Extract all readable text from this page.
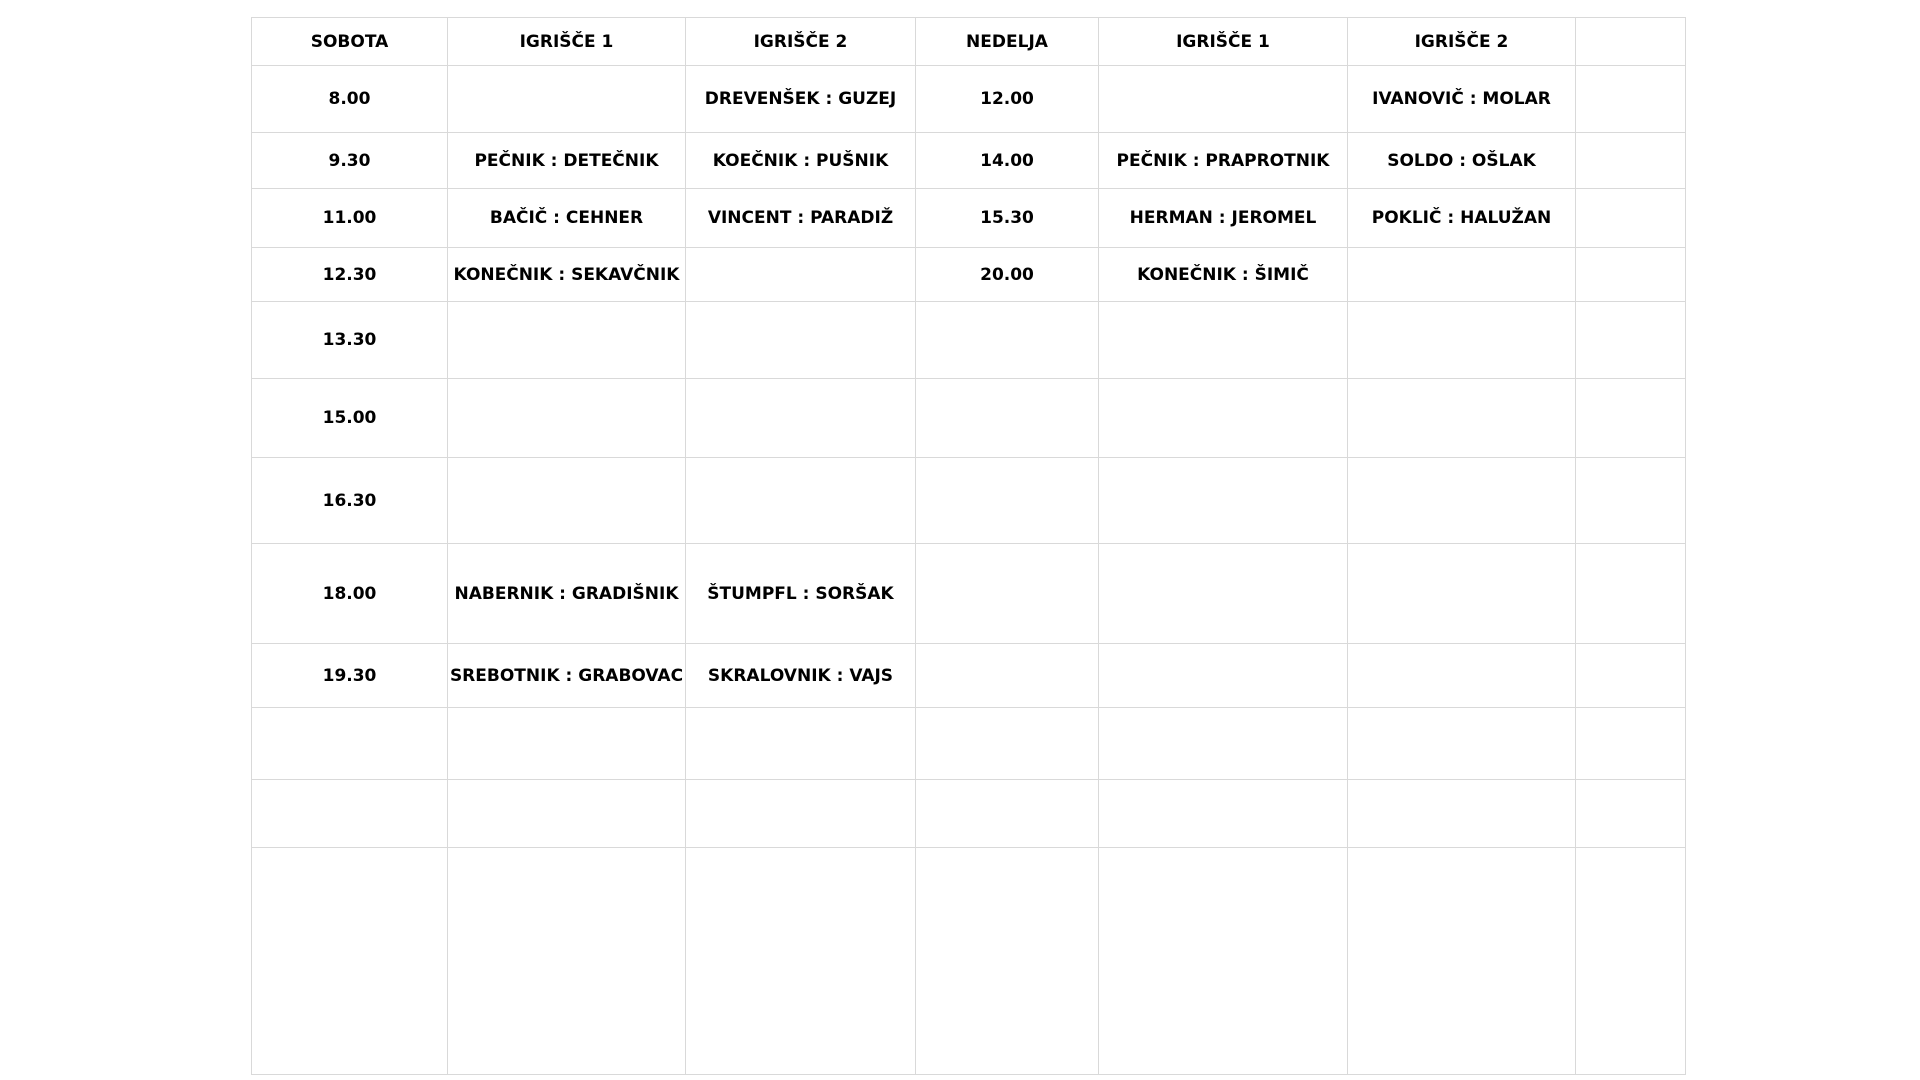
SOBOTA	IGRIŠČE 1	IGRIŠČE 2	NEDELJA	IGRIŠČE 1	IGRIŠČE 2	
8.00		DREVENŠEK : GUZEJ	12.00		IVANOVIČ : MOLAR	
9.30	PEČNIK : DETEČNIK	KOEČNIK : PUŠNIK	14.00	PEČNIK : PRAPROTNIK	SOLDO : OŠLAK	
11.00	BAČIČ : CEHNER	VINCENT : PARADIŽ	15.30	HERMAN : JEROMEL	POKLIČ : HALUŽAN	
12.30	KONEČNIK : SEKAVČNIK		20.00	KONEČNIK : ŠIMIČ		
13.30						
15.00						
16.30						
18.00	NABERNIK : GRADIŠNIK	ŠTUMPFL : SORŠAK				
19.30	SREBOTNIK : GRABOVAC	SKRALOVNIK : VAJS				
